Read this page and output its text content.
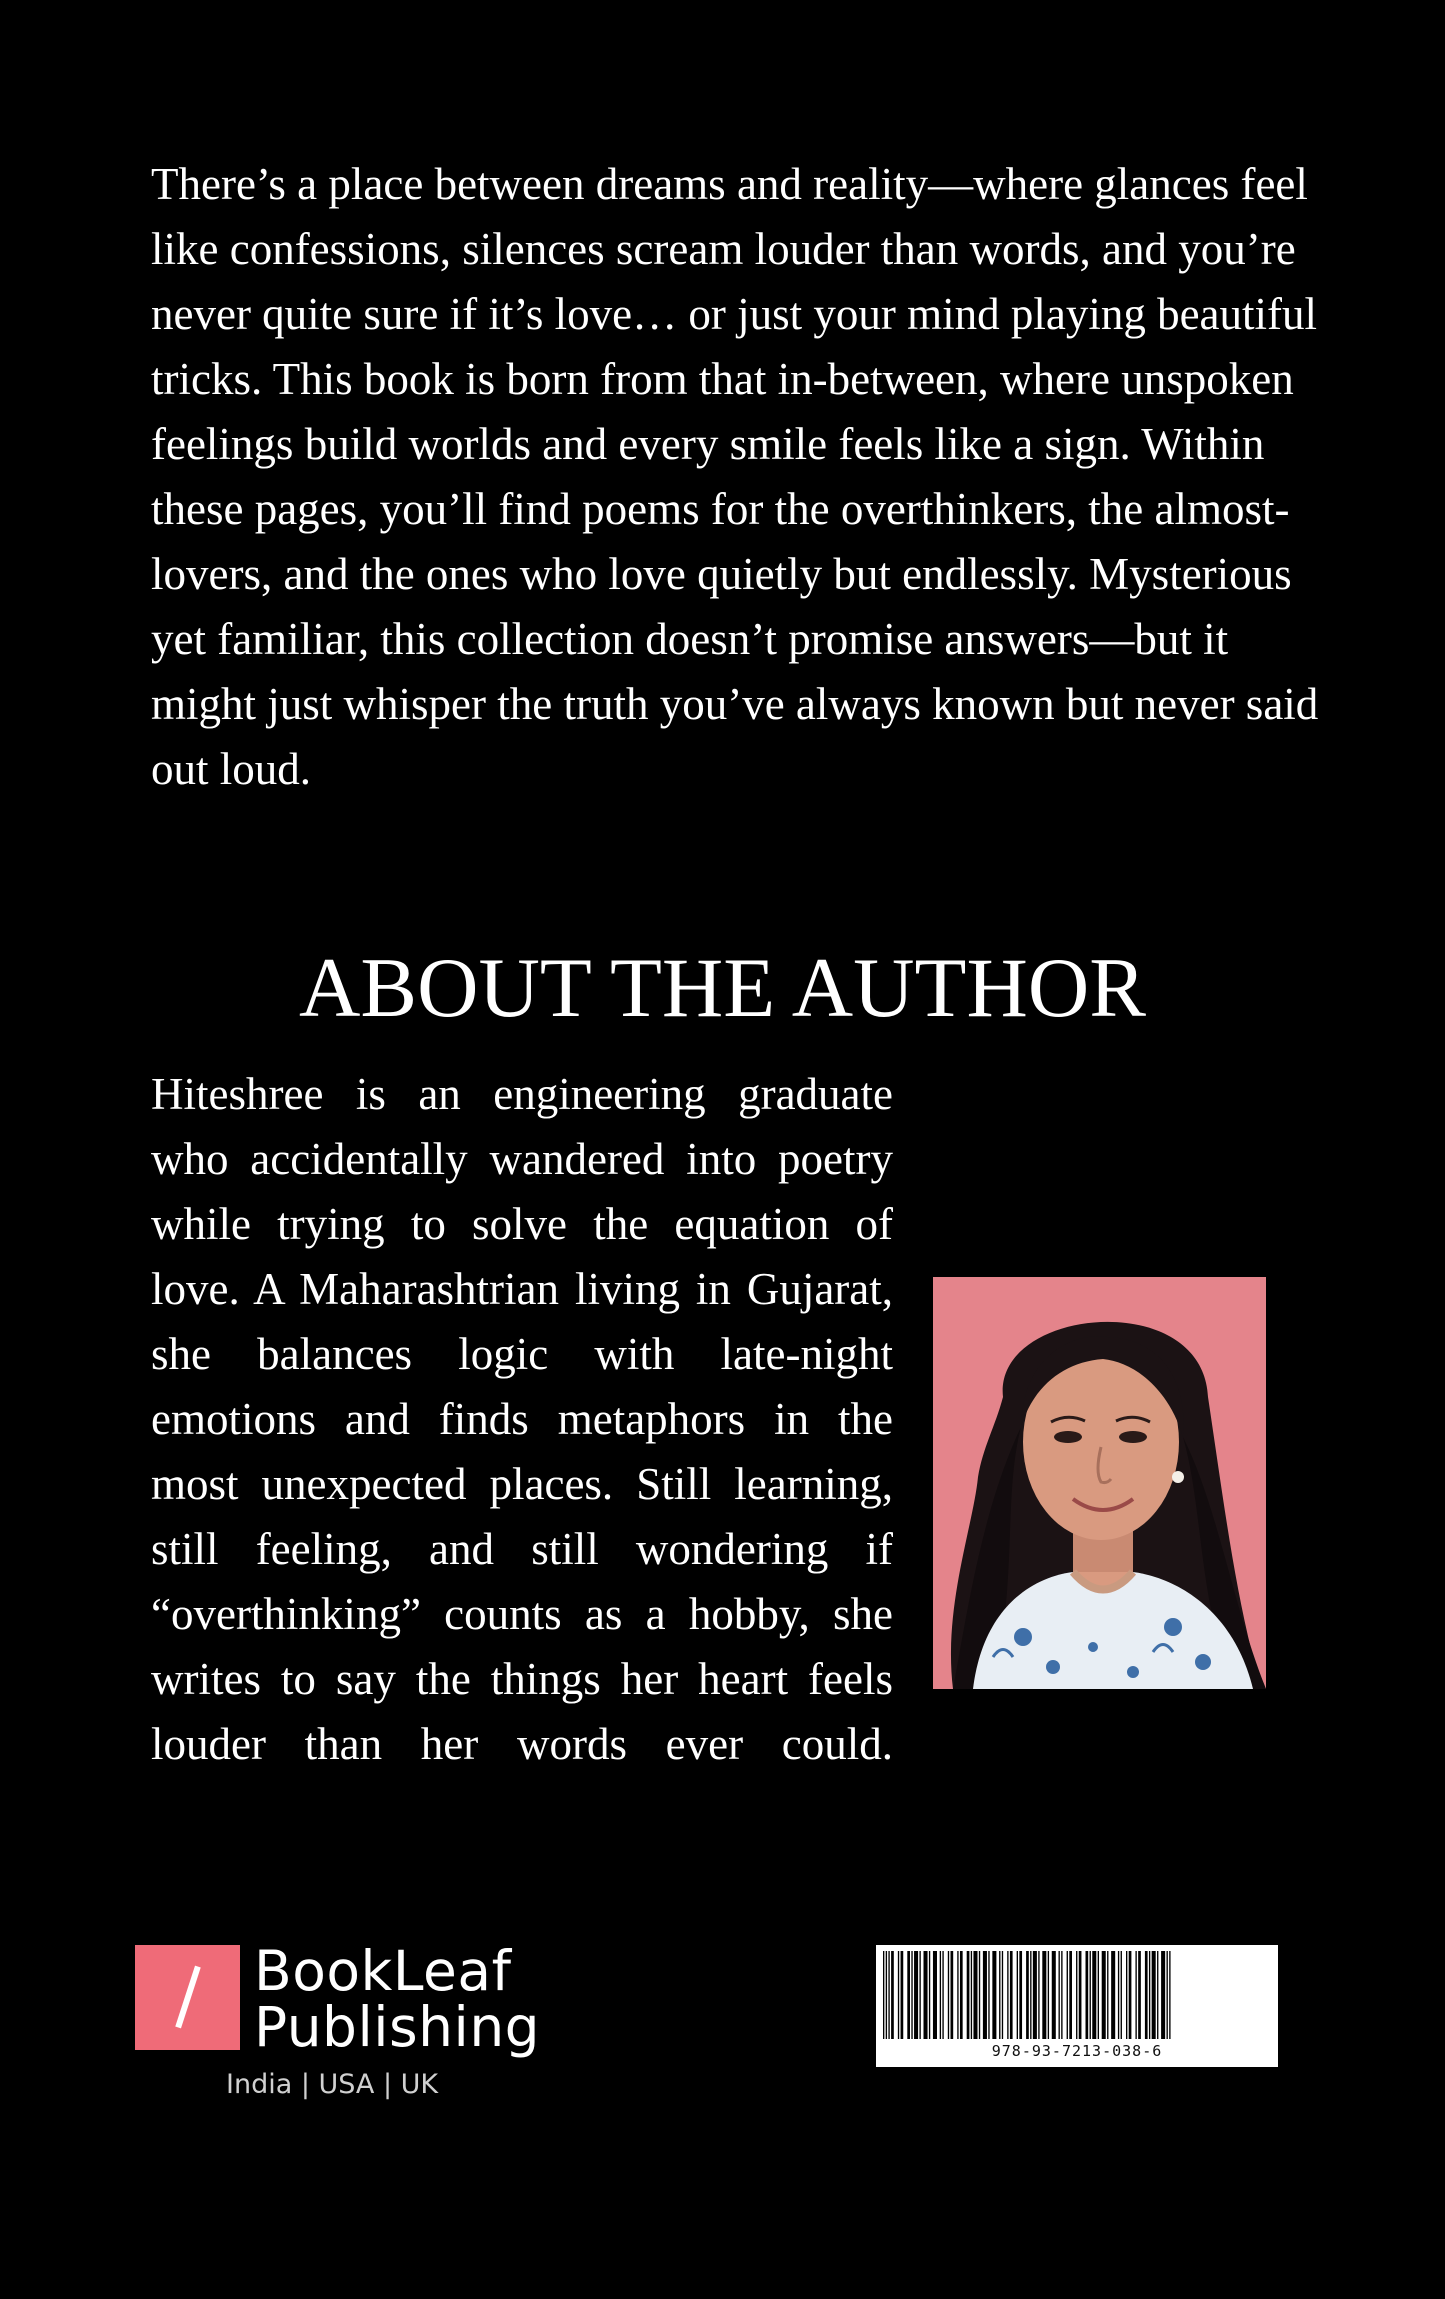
There’s a place between dreams and reality—where glances feel like confessions, silences scream louder than words, and you’re never quite sure if it’s love… or just your mind playing beautiful tricks. This book is born from that in-between, where unspoken feelings build worlds and every smile feels like a sign. Within these pages, you’ll find poems for the overthinkers, the almost-lovers, and the ones who love quietly but endlessly. Mysterious yet familiar, this collection doesn’t promise answers—but it might just whisper the truth you’ve always known but never said out loud.

ABOUT THE AUTHOR

Hiteshree is an engineering graduate who accidentally wandered into poetry while trying to solve the equation of love. A Maharashtrian living in Gujarat, she balances logic with late-night emotions and finds metaphors in the most unexpected places. Still learning, still feeling, and still wondering if “overthinking” counts as a hobby, she writes to say the things her heart feels louder than her words ever could.

BookLeaf
Publishing
India | USA | UK
978-93-7213-038-6
